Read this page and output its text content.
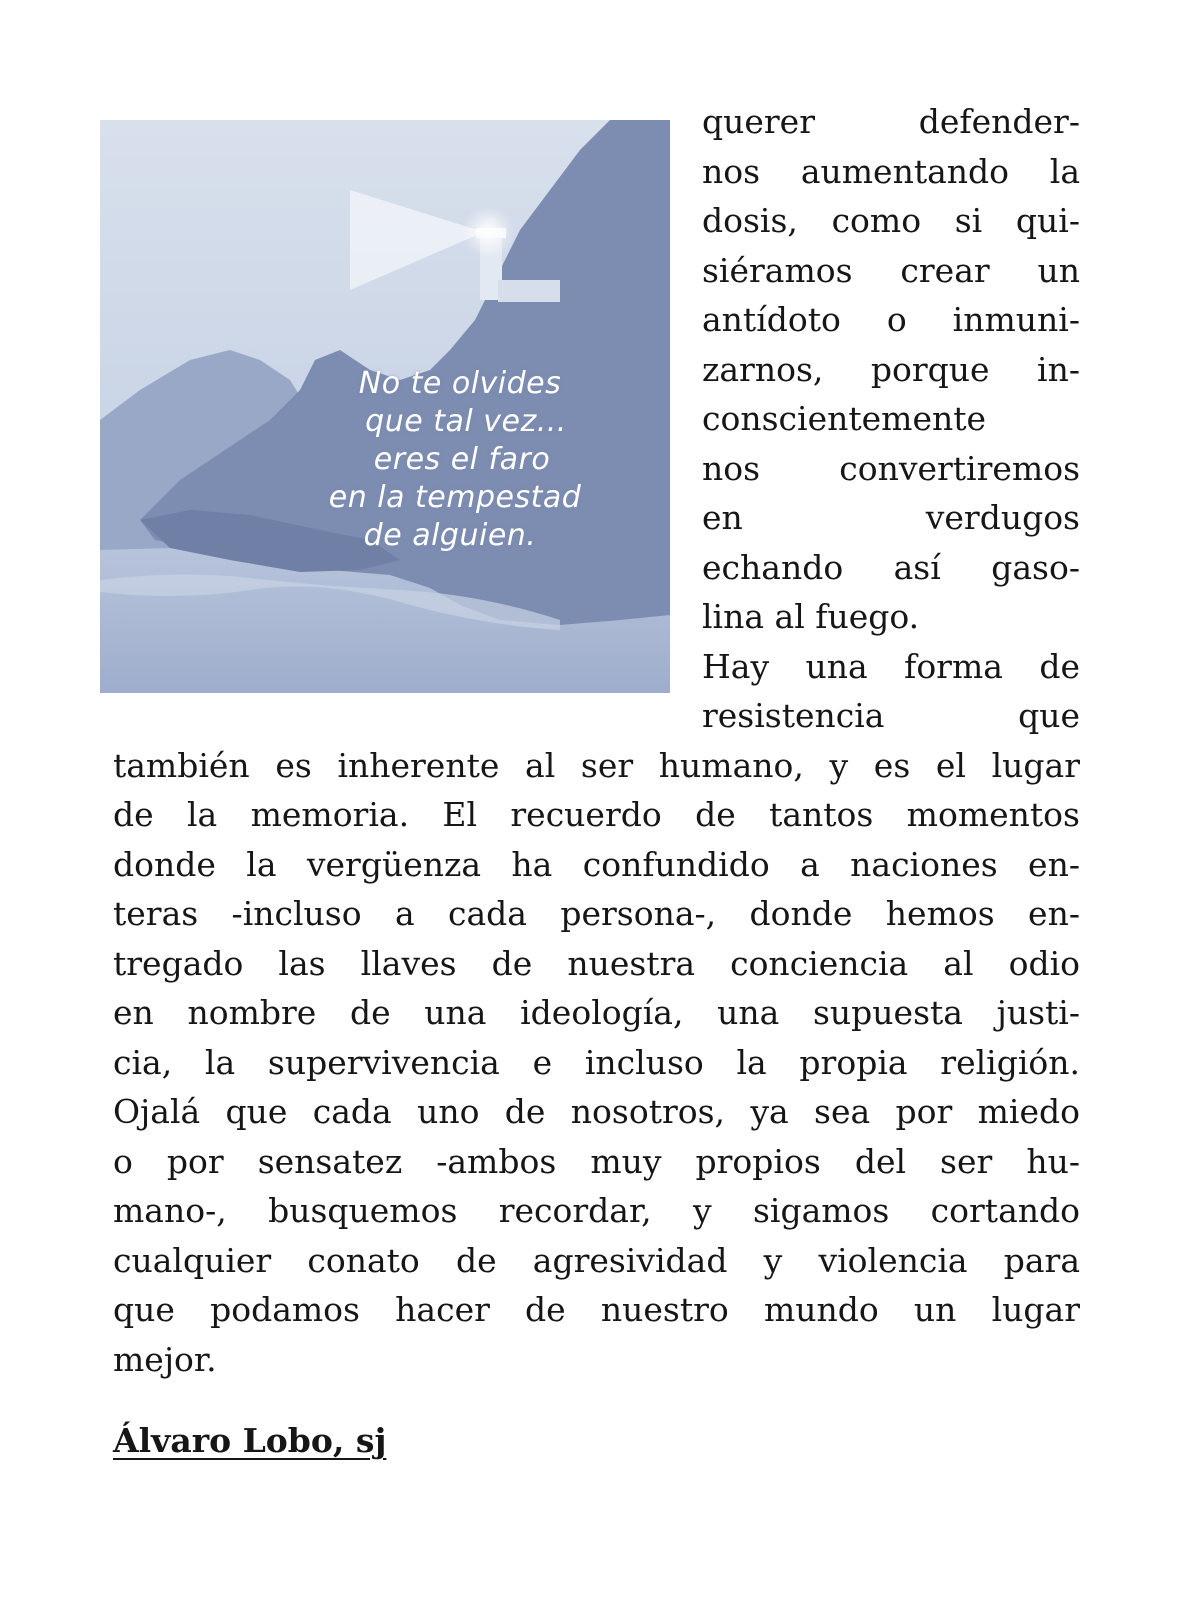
No te olvides
que tal vez...
eres el faro
en la tempestad
de alguien.
querer defender-
nos aumentando la
dosis, como si qui-
siéramos crear un
antídoto o inmuni-
zarnos, porque in-
conscientemente
nos convertiremos
en verdugos
echando así gaso-
lina al fuego.
Hay una forma de
resistencia que
también es inherente al ser humano, y es el lugar
de la memoria. El recuerdo de tantos momentos
donde la vergüenza ha confundido a naciones en-
teras -incluso a cada persona-, donde hemos en-
tregado las llaves de nuestra conciencia al odio
en nombre de una ideología, una supuesta justi-
cia, la supervivencia e incluso la propia religión.
Ojalá que cada uno de nosotros, ya sea por miedo
o por sensatez -ambos muy propios del ser hu-
mano-, busquemos recordar, y sigamos cortando
cualquier conato de agresividad y violencia para
que podamos hacer de nuestro mundo un lugar
mejor.
Álvaro Lobo, sj
